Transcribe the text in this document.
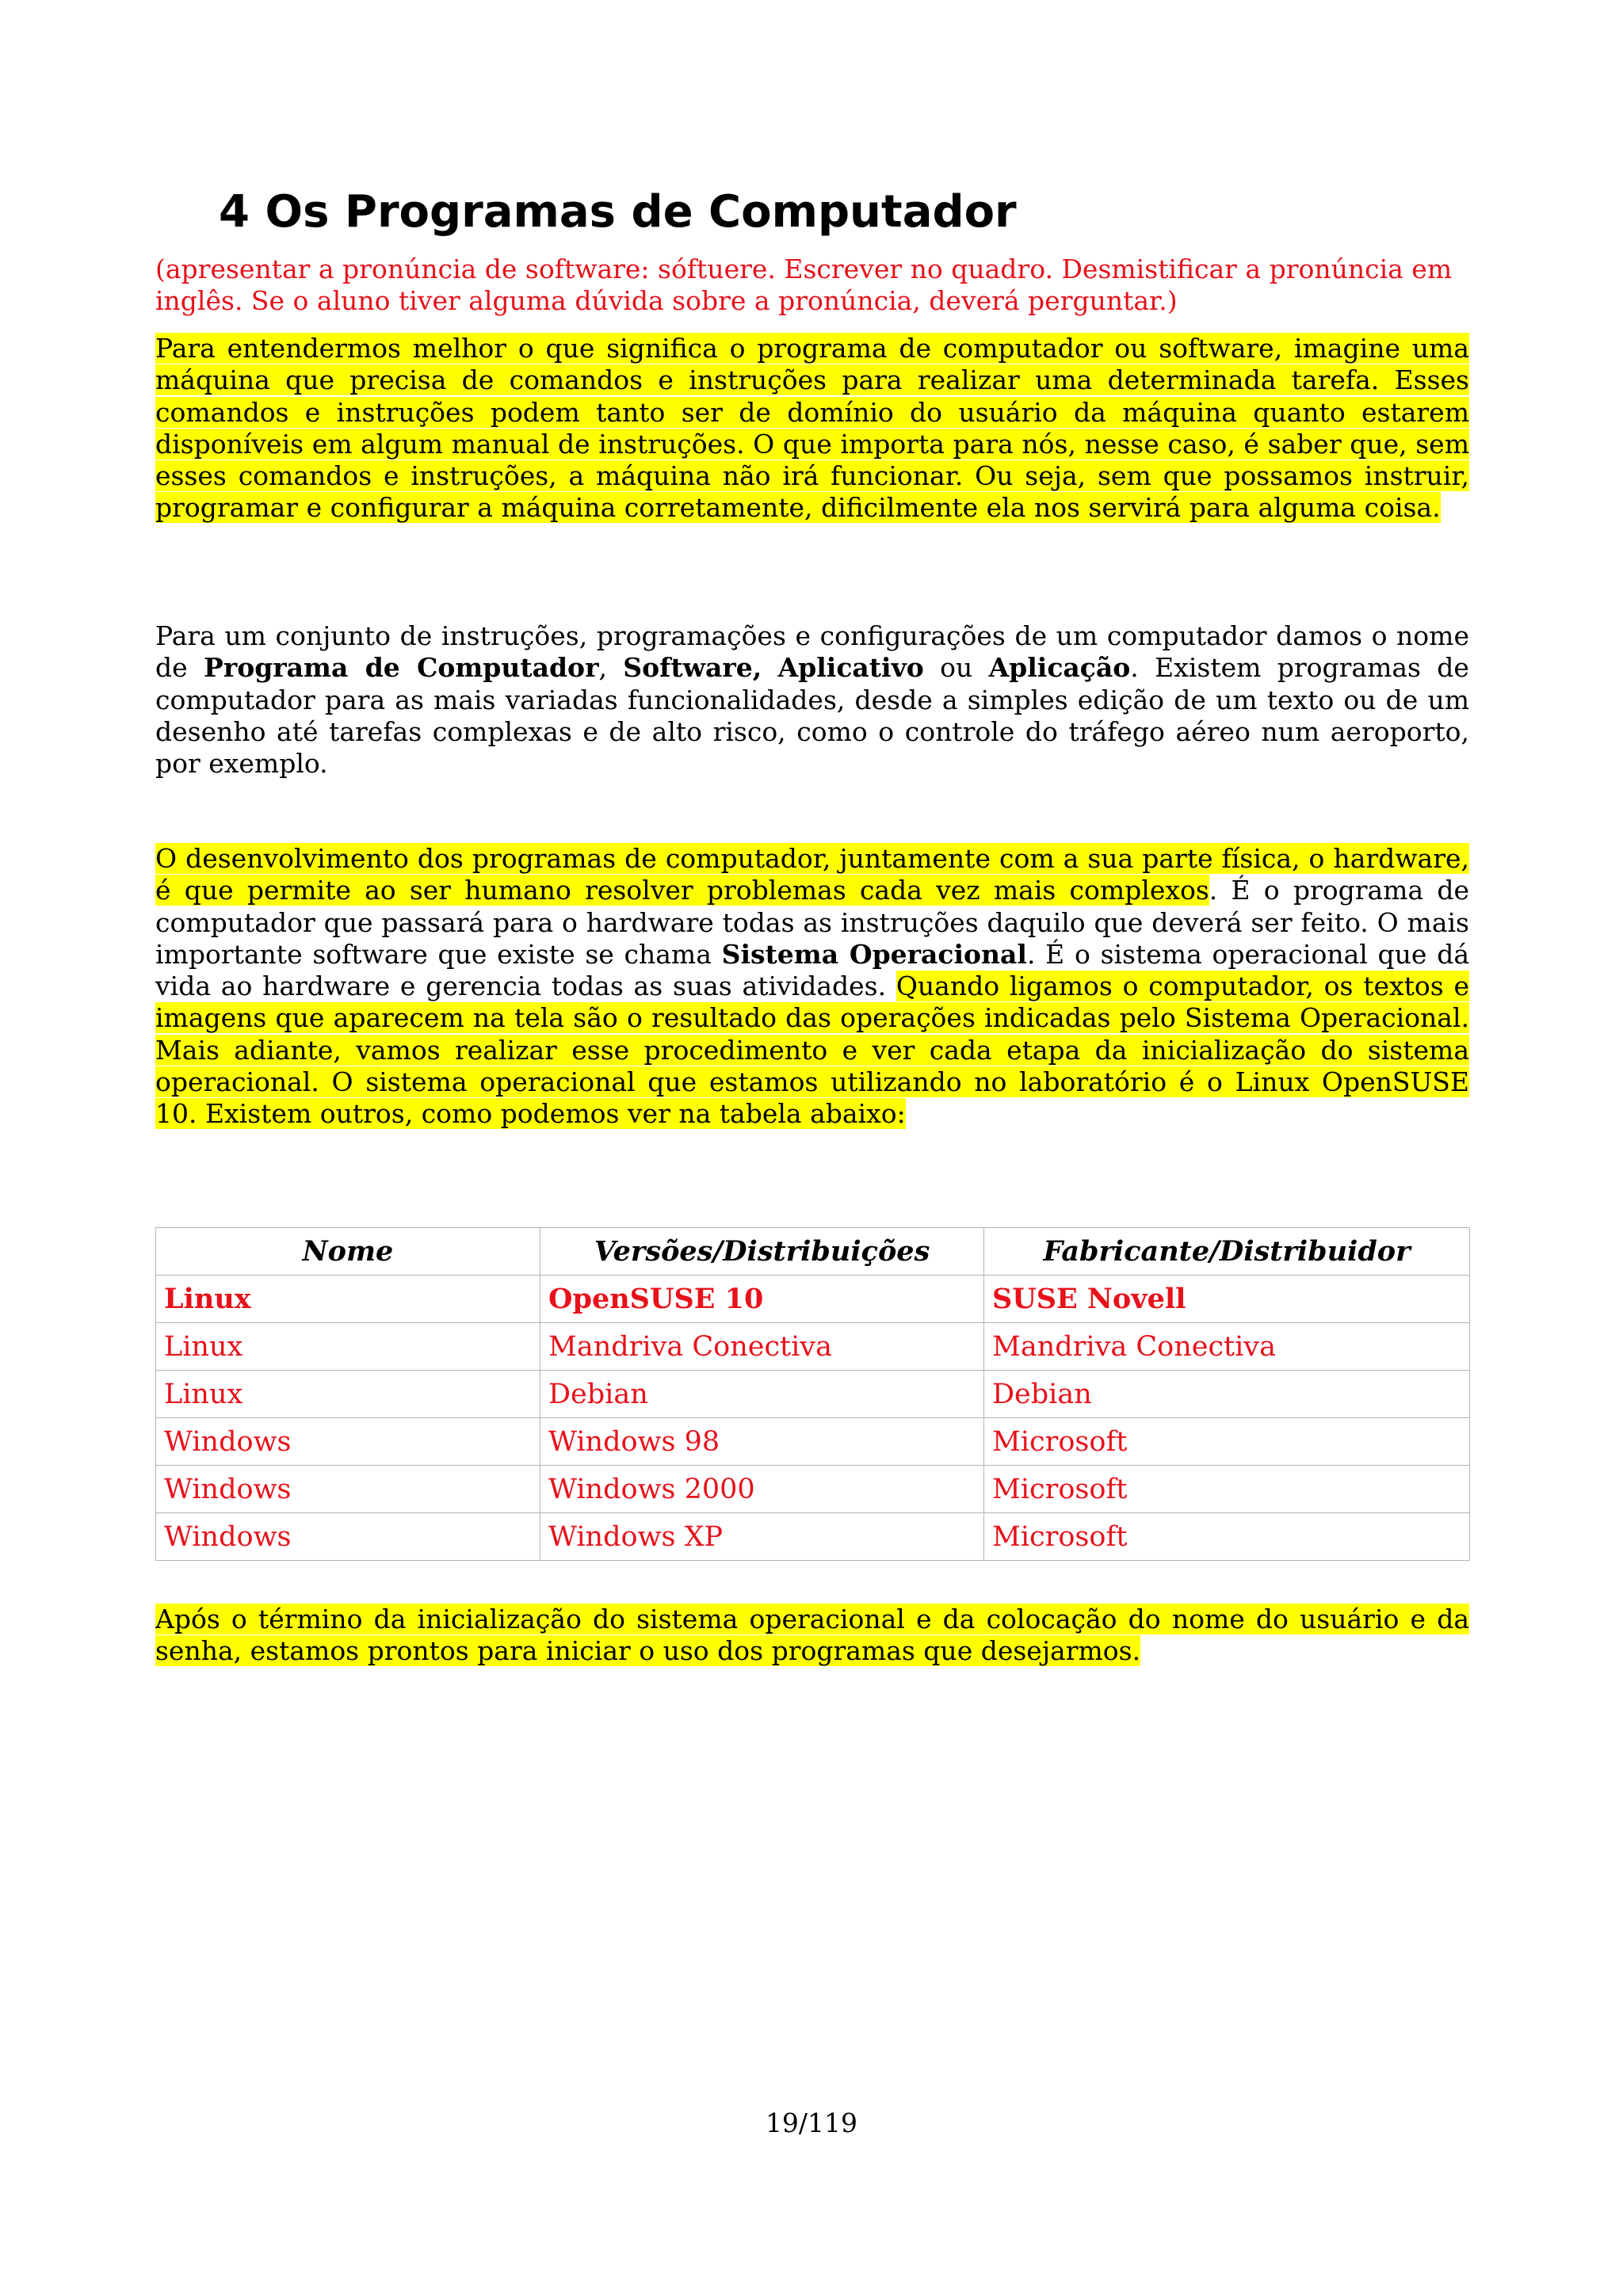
4 Os Programas de Computador
(apresentar a pronúncia de software: sóftuere. Escrever no quadro. Desmistificar a pronúncia em inglês. Se o aluno tiver alguma dúvida sobre a pronúncia, deverá perguntar.)
Para entendermos melhor o que significa o programa de computador ou software, imagine uma máquina que precisa de comandos e instruções para realizar uma determinada tarefa. Esses comandos e instruções podem tanto ser de domínio do usuário da máquina quanto estarem disponíveis em algum manual de instruções. O que importa para nós, nesse caso, é saber que, sem esses comandos e instruções, a máquina não irá funcionar. Ou seja, sem que possamos instruir, programar e configurar a máquina corretamente, dificilmente ela nos servirá para alguma coisa.
Para um conjunto de instruções, programações e configurações de um computador damos o nome de Programa de Computador, Software, Aplicativo ou Aplicação. Existem programas de computador para as mais variadas funcionalidades, desde a simples edição de um texto ou de um desenho até tarefas complexas e de alto risco, como o controle do tráfego aéreo num aeroporto, por exemplo.
O desenvolvimento dos programas de computador, juntamente com a sua parte física, o hardware, é que permite ao ser humano resolver problemas cada vez mais complexos. É o programa de computador que passará para o hardware todas as instruções daquilo que deverá ser feito. O mais importante software que existe se chama Sistema Operacional. É o sistema operacional que dá vida ao hardware e gerencia todas as suas atividades. Quando ligamos o computador, os textos e imagens que aparecem na tela são o resultado das operações indicadas pelo Sistema Operacional. Mais adiante, vamos realizar esse procedimento e ver cada etapa da inicialização do sistema operacional. O sistema operacional que estamos utilizando no laboratório é o Linux OpenSUSE 10. Existem outros, como podemos ver na tabela abaixo:
Nome	Versões/Distribuições	Fabricante/Distribuidor
Linux	OpenSUSE 10	SUSE Novell
Linux	Mandriva Conectiva	Mandriva Conectiva
Linux	Debian	Debian
Windows	Windows 98	Microsoft
Windows	Windows 2000	Microsoft
Windows	Windows XP	Microsoft
Após o término da inicialização do sistema operacional e da colocação do nome do usuário e da senha, estamos prontos para iniciar o uso dos programas que desejarmos.
19/119
